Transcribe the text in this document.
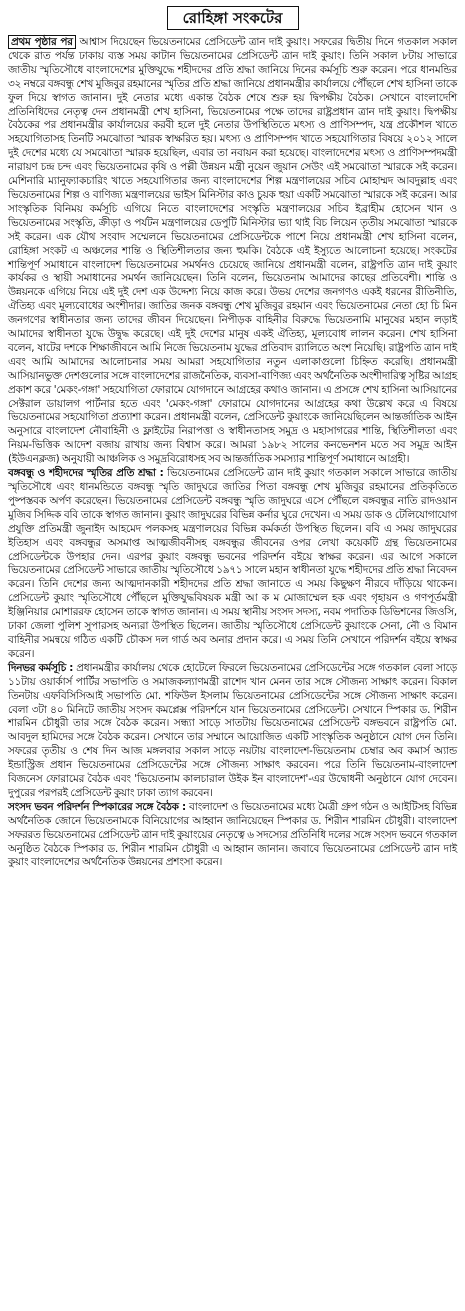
রোহিঙ্গা সংকটের

প্রথম পৃষ্ঠার পর আশ্বাস দিয়েছেন ভিয়েতনামের প্রেসিডেন্ট ত্রান দাই কুয়াং। সফরের দ্বিতীয় দিনে গতকাল সকাল থেকে রাত পর্যন্ত ঢাকায় ব্যস্ত সময় কাটান ভিয়েতনামের প্রেসিডেন্ট ত্রান দাই কুয়াং। তিনি সকাল ৮টায় সাভারে জাতীয় স্মৃতিসৌধে বাংলাদেশের মুক্তিযুদ্ধে শহীদদের প্রতি শ্রদ্ধা জানিয়ে দিনের কর্মসূচি শুরু করেন। পরে ধানমন্ডির ৩২ নম্বরে বঙ্গবন্ধু শেখ মুজিবুর রহমানের স্মৃতির প্রতি শ্রদ্ধা জানিয়ে প্রধানমন্ত্রীর কার্যালয়ে পৌঁছলে শেখ হাসিনা তাকে ফুল দিয়ে স্বাগত জানান। দুই নেতার মধ্যে একান্ত বৈঠক শেষে শুরু হয় দ্বিপক্ষীয় বৈঠক। সেখানে বাংলাদেশি প্রতিনিধিদের নেতৃত্ব দেন প্রধানমন্ত্রী শেখ হাসিনা, ভিয়েতনামের পক্ষে তাদের রাষ্ট্রপ্রধান ত্রান দাই কুয়াং। দ্বিপক্ষীয় বৈঠকের পর প্রধানমন্ত্রীর কার্যালয়ের করবী হলে দুই নেতার উপস্থিতিতে মৎস্য ও প্রাণিসম্পদ, যন্ত্র প্রকৌশল খাতে সহযোগিতাসহ তিনটি সমঝোতা স্মারক স্বাক্ষরিত হয়। মৎস্য ও প্রাণিসম্পদ খাতে সহযোগিতার বিষয়ে ২০১২ সালে দুই দেশের মধ্যে যে সমঝোতা স্মারক হয়েছিল, এবার তা নবায়ন করা হয়েছে। বাংলাদেশের মৎস্য ও প্রাণিসম্পদমন্ত্রী নারায়ণ চন্দ্র চন্দ এবং ভিয়েতনামের কৃষি ও পল্লী উন্নয়ন মন্ত্রী নুয়েন জুয়ান সেউং এই সমঝোতা স্মারকে সই করেন। মেশিনারি ম্যানুফ্যাকচারিং খাতে সহযোগিতার জন্য বাংলাদেশের শিল্প মন্ত্রণালয়ের সচিব মোহাম্মদ আবদুল্লাহ এবং ভিয়েতনামের শিল্প ও বাণিজ্য মন্ত্রণালয়ের ভাইস মিনিস্টার কাও চুয়ক হুয়া একটি সমঝোতা স্মারকে সই করেন। আর সাংস্কৃতিক বিনিময় কর্মসূচি এগিয়ে নিতে বাংলাদেশের সংস্কৃতি মন্ত্রণালয়ের সচিব ইব্রাহীম হোসেন খান ও ভিয়েতনামের সংস্কৃতি, ক্রীড়া ও পর্যটন মন্ত্রণালয়ের ডেপুটি মিনিস্টার ভ্যা থাই বিচ লিয়েন তৃতীয় সমঝোতা স্মারকে সই করেন। এক যৌথ সংবাদ সম্মেলনে ভিয়েতনামের প্রেসিডেন্টকে পাশে নিয়ে প্রধানমন্ত্রী শেখ হাসিনা বলেন, রোহিঙ্গা সংকট এ অঞ্চলের শান্তি ও স্থিতিশীলতার জন্য হুমকি। বৈঠকে এই ইস্যুতে আলোচনা হয়েছে। সংকটের শান্তিপূর্ণ সমাধানে বাংলাদেশ ভিয়েতনামের সমর্থনও চেয়েছে জানিয়ে প্রধানমন্ত্রী বলেন, রাষ্ট্রপতি ত্রান দাই কুয়াং কার্যকর ও স্থায়ী সমাধানের সমর্থন জানিয়েছেন। তিনি বলেন, ভিয়েতনাম আমাদের কাছের প্রতিবেশী। শান্তি ও উন্নয়নকে এগিয়ে নিয়ে এই দুই দেশ এক উদ্দেশ্য নিয়ে কাজ করে। উভয় দেশের জনগণও একই ধরনের রীতিনীতি, ঐতিহ্য এবং মূল্যবোধের অংশীদার। জাতির জনক বঙ্গবন্ধু শেখ মুজিবুর রহমান এবং ভিয়েতনামের নেতা হো চি মিন জনগণের স্বাধীনতার জন্য তাদের জীবন দিয়েছেন। নিপীড়ক বাহিনীর বিরুদ্ধে ভিয়েতনামি মানুষের মহান লড়াই আমাদের স্বাধীনতা যুদ্ধে উদ্বুদ্ধ করেছে। এই দুই দেশের মানুষ একই ঐতিহ্য, মূল্যবোধ লালন করেন। শেখ হাসিনা বলেন, ষাটের দশকে শিক্ষাজীবনে আমি নিজে ভিয়েতনাম যুদ্ধের প্রতিবাদ র‌্যালিতে অংশ নিয়েছি। রাষ্ট্রপতি ত্রান দাই এবং আমি আমাদের আলোচনার সময় আমরা সহযোগিতার নতুন এলাকাগুলো চিহ্নিত করেছি। প্রধানমন্ত্রী আসিয়ানভুক্ত দেশগুলোর সঙ্গে বাংলাদেশের রাজনৈতিক, ব্যবসা-বাণিজ্য এবং অর্থনৈতিক অংশীদারিত্ব সৃষ্টির আগ্রহ প্রকাশ করে 'মেকং-গঙ্গা' সহযোগিতা ফোরামে যোগদানে আগ্রহের কথাও জানান। এ প্রসঙ্গে শেখ হাসিনা আসিয়ানের সেক্টরাল ডায়ালগ পার্টনার হতে এবং 'মেকং-গঙ্গা' ফোরামে যোগদানের আগ্রহের কথা উল্লেখ করে এ বিষয়ে ভিয়েতনামের সহযোগিতা প্রত্যাশা করেন। প্রধানমন্ত্রী বলেন, প্রেসিডেন্ট কুয়াংকে জানিয়েছিলেন আন্তর্জাতিক আইন অনুসারে বাংলাদেশ নৌবাহিনী ও ফ্লাইটের নিরাপত্তা ও স্বাধীনতাসহ সমুদ্র ও মহাসাগরের শান্তি, স্থিতিশীলতা এবং নিয়ম-ভিত্তিক আদেশ বজায় রাখায় জন্য বিশ্বাস করে। আমরা ১৯৮২ সালের কনভেনশন মতে সব সমুদ্র আইন (ইউএনক্লজ) অনুযায়ী আঞ্চলিক ও সমুদ্রবিরোধসহ সব আন্তর্জাতিক সমস্যার শান্তিপূর্ণ সমাধানে আগ্রহী।

বঙ্গবন্ধু ও শহীদদের স্মৃতির প্রতি শ্রদ্ধা : ভিয়েতনামের প্রেসিডেন্ট ত্রান দাই কুয়াং গতকাল সকালে সাভারে জাতীয় স্মৃতিসৌধে এবং ধানমন্ডিতে বঙ্গবন্ধু স্মৃতি জাদুঘরে জাতির পিতা বঙ্গবন্ধু শেখ মুজিবুর রহমানের প্রতিকৃতিতে পুষ্পস্তবক অর্পণ করেছেন। ভিয়েতনামের প্রেসিডেন্ট বঙ্গবন্ধু স্মৃতি জাদুঘরে এসে পৌঁছলে বঙ্গবন্ধুর নাতি রাদওয়ান মুজিব সিদ্দিক ববি তাকে স্বাগত জানান। কুয়াং জাদুঘরের বিভিন্ন কর্নার ঘুরে দেখেন। এ সময় ডাক ও টেলিযোগাযোগ প্রযুক্তি প্রতিমন্ত্রী জুনাইদ আহমেদ পলকসহ মন্ত্রণালয়ের বিভিন্ন কর্মকর্তা উপস্থিত ছিলেন। ববি এ সময় জাদুঘরের ইতিহাস এবং বঙ্গবন্ধুর অসমাপ্ত আত্মজীবনীসহ বঙ্গবন্ধুর জীবনের ওপর লেখা কয়েকটি গ্রন্থ ভিয়েতনামের প্রেসিডেন্টকে উপহার দেন। এরপর কুয়াং বঙ্গবন্ধু ভবনের পরিদর্শন বইয়ে স্বাক্ষর করেন। এর আগে সকালে ভিয়েতনামের প্রেসিডেন্ট সাভারে জাতীয় স্মৃতিসৌধে ১৯৭১ সালে মহান স্বাধীনতা যুদ্ধে শহীদদের প্রতি শ্রদ্ধা নিবেদন করেন। তিনি দেশের জন্য আত্মদানকারী শহীদদের প্রতি শ্রদ্ধা জানাতে এ সময় কিছুক্ষণ নীরবে দাঁড়িয়ে থাকেন। প্রেসিডেন্ট কুয়াং স্মৃতিসৌধে পৌঁছলে মুক্তিযুদ্ধবিষয়ক মন্ত্রী আ ক ম মোজাম্মেল হক এবং গৃহায়ন ও গণপূর্তমন্ত্রী ইঞ্জিনিয়ার মোশাররফ হোসেন তাকে স্বাগত জানান। এ সময় স্থানীয় সংসদ সদস্য, নবম পদাতিক ডিভিশনের জিওসি, ঢাকা জেলা পুলিশ সুপারসহ অন্যরা উপস্থিত ছিলেন। জাতীয় স্মৃতিসৌধে প্রেসিডেন্ট কুয়াংকে সেনা, নৌ ও বিমান বাহিনীর সমন্বয়ে গঠিত একটি চৌকস দল গার্ড অব অনার প্রদান করে। এ সময় তিনি সেখানে পরিদর্শন বইয়ে স্বাক্ষর করেন।

দিনভর কর্মসূচি : প্রধানমন্ত্রীর কার্যালয় থেকে হোটেলে ফিরলে ভিয়েতনামের প্রেসিডেন্টের সঙ্গে গতকাল বেলা সাড়ে ১১টায় ওয়ার্কার্স পার্টির সভাপতি ও সমাজকল্যাণমন্ত্রী রাশেদ খান মেনন তার সঙ্গে সৌজন্য সাক্ষাৎ করেন। বিকাল তিনটায় এফবিসিসিআই সভাপতি মো. শফিউল ইসলাম ভিয়েতনামের প্রেসিডেন্টের সঙ্গে সৌজন্য সাক্ষাৎ করেন। বেলা ৩টা ৪০ মিনিটে জাতীয় সংসদ কমপ্লেক্স পরিদর্শনে যান ভিয়েতনামের প্রেসিডেন্ট। সেখানে স্পিকার ড. শিরীন শারমিন চৌধুরী তার সঙ্গে বৈঠক করেন। সন্ধ্যা সাড়ে সাতটায় ভিয়েতনামের প্রেসিডেন্ট বঙ্গভবনে রাষ্ট্রপতি মো. আবদুল হামিদের সঙ্গে বৈঠক করেন। সেখানে তার সম্মানে আয়োজিত একটি সাংস্কৃতিক অনুষ্ঠানে যোগ দেন তিনি। সফরের তৃতীয় ও শেষ দিন আজ মঙ্গলবার সকাল সাড়ে নয়টায় বাংলাদেশ-ভিয়েতনাম চেম্বার অব কমার্স অ্যান্ড ইন্ডাস্ট্রিজ প্রধান ভিয়েতনামের প্রেসিডেন্টের সঙ্গে সৌজন্য সাক্ষাৎ করবেন। পরে তিনি ভিয়েতনাম-বাংলাদেশ বিজনেস ফোরামের বৈঠক এবং 'ভিয়েতনাম কালচারাল উইক ইন বাংলাদেশ'-এর উদ্বোধনী অনুষ্ঠানে যোগ দেবেন। দুপুরের পরপরই প্রেসিডেন্ট কুয়াং ঢাকা ত্যাগ করবেন।

সংসদ ভবন পরিদর্শন স্পিকারের সঙ্গে বৈঠক : বাংলাদেশ ও ভিয়েতনামের মধ্যে মৈত্রী গ্রুপ গঠন ও আইটিসহ বিভিন্ন অর্থনৈতিক জোনে ভিয়েতনামকে বিনিয়োগের আহ্বান জানিয়েছেন স্পিকার ড. শিরীন শারমিন চৌধুরী। বাংলাদেশ সফররত ভিয়েতনামের প্রেসিডেন্ট ত্রান দাই কুয়াংয়ের নেতৃত্বে ৬ সদস্যের প্রতিনিধি দলের সঙ্গে সংসদ ভবনে গতকাল অনুষ্ঠিত বৈঠকে স্পিকার ড. শিরীন শারমিন চৌধুরী এ আহ্বান জানান। জবাবে ভিয়েতনামের প্রেসিডেন্ট ত্রান দাই কুয়াং বাংলাদেশের অর্থনৈতিক উন্নয়নের প্রশংসা করেন।
